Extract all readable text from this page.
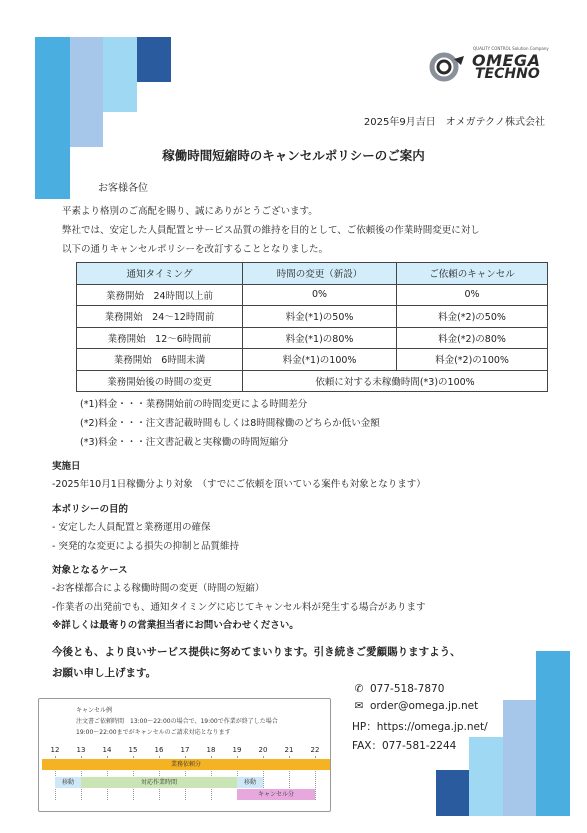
QUALITY CONTROL Solution Company
OMEGA
TECHNO
2025年9月吉日　オメガテクノ株式会社
稼働時間短縮時のキャンセルポリシーのご案内
お客様各位
平素より格別のご高配を賜り、誠にありがとうございます。
弊社では、安定した人員配置とサービス品質の維持を目的として、ご依頼後の作業時間変更に対し
以下の通りキャンセルポリシーを改訂することとなりました。
通知タイミング	時間の変更（新設）	ご依頼のキャンセル
業務開始　24時間以上前	0%	0%
業務開始　24～12時間前	料金(*1)の50%	料金(*2)の50%
業務開始　12～6時間前	料金(*1)の80%	料金(*2)の80%
業務開始　6時間未満	料金(*1)の100%	料金(*2)の100%
業務開始後の時間の変更	依頼に対する未稼働時間(*3)の100%	
(*1)料金・・・業務開始前の時間変更による時間差分
(*2)料金・・・注文書記載時間もしくは8時間稼働のどちらか低い金額
(*3)料金・・・注文書記載と実稼働の時間短縮分
実施日
-2025年10月1日稼働分より対象　（すでにご依頼を頂いている案件も対象となります）
本ポリシーの目的
- 安定した人員配置と業務運用の確保
- 突発的な変更による損失の抑制と品質維持
対象となるケース
-お客様都合による稼働時間の変更（時間の短縮）
-作業者の出発前でも、通知タイミングに応じてキャンセル料が発生する場合があります
※詳しくは最寄りの営業担当者にお問い合わせください。
今後とも、より良いサービス提供に努めてまいります。引き続きご愛顧賜りますよう、
お願い申し上げます。
✆ 077-518-7870
✉ order@omega.jp.net
HP：https://omega.jp.net/
FAX：077-581-2244
キャンセル例
注文書ご依頼時間　13:00～22:00の場合で、19:00で作業が終了した場合
19:00～22:00までがキャンセルのご請求対応となります
12	13	14	15	16	17	18	19	20	21	22
業務依頼分
移動	対応作業時間	移動
キャンセル分
